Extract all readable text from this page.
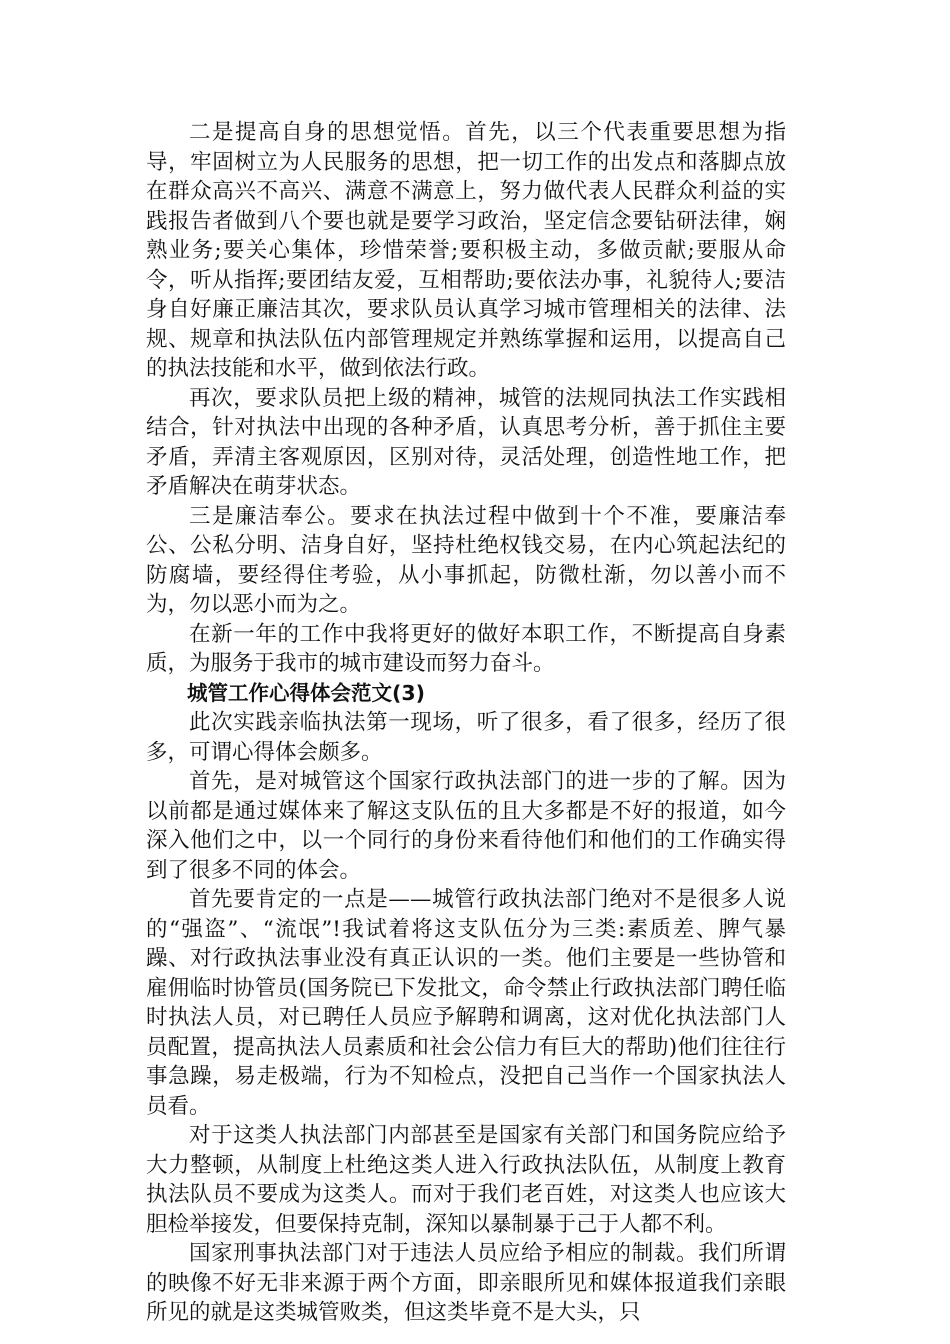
二是提高自身的思想觉悟。首先，以三个代表重要思想为指导，牢固树立为人民服务的思想，把一切工作的出发点和落脚点放在群众高兴不高兴、满意不满意上，努力做代表人民群众利益的实践报告者做到八个要也就是要学习政治，坚定信念要钻研法律，娴熟业务;要关心集体，珍惜荣誉;要积极主动，多做贡献;要服从命令，听从指挥;要团结友爱，互相帮助;要依法办事，礼貌待人;要洁身自好廉正廉洁其次，要求队员认真学习城市管理相关的法律、法规、规章和执法队伍内部管理规定并熟练掌握和运用，以提高自己的执法技能和水平，做到依法行政。

再次，要求队员把上级的精神，城管的法规同执法工作实践相结合，针对执法中出现的各种矛盾，认真思考分析，善于抓住主要矛盾，弄清主客观原因，区别对待，灵活处理，创造性地工作，把矛盾解决在萌芽状态。

三是廉洁奉公。要求在执法过程中做到十个不准，要廉洁奉公、公私分明、洁身自好，坚持杜绝权钱交易，在内心筑起法纪的防腐墙，要经得住考验，从小事抓起，防微杜渐，勿以善小而不为，勿以恶小而为之。

在新一年的工作中我将更好的做好本职工作，不断提高自身素质，为服务于我市的城市建设而努力奋斗。

城管工作心得体会范文(3)

此次实践亲临执法第一现场，听了很多，看了很多，经历了很多，可谓心得体会颇多。

首先，是对城管这个国家行政执法部门的进一步的了解。因为以前都是通过媒体来了解这支队伍的且大多都是不好的报道，如今深入他们之中，以一个同行的身份来看待他们和他们的工作确实得到了很多不同的体会。

首先要肯定的一点是——城管行政执法部门绝对不是很多人说的“强盗”、“流氓”!我试着将这支队伍分为三类:素质差、脾气暴躁、对行政执法事业没有真正认识的一类。他们主要是一些协管和雇佣临时协管员(国务院已下发批文，命令禁止行政执法部门聘任临时执法人员，对已聘任人员应予解聘和调离，这对优化执法部门人员配置，提高执法人员素质和社会公信力有巨大的帮助)他们往往行事急躁，易走极端，行为不知检点，没把自己当作一个国家执法人员看。

对于这类人执法部门内部甚至是国家有关部门和国务院应给予大力整顿，从制度上杜绝这类人进入行政执法队伍，从制度上教育执法队员不要成为这类人。而对于我们老百姓，对这类人也应该大胆检举接发，但要保持克制，深知以暴制暴于己于人都不利。

国家刑事执法部门对于违法人员应给予相应的制裁。我们所谓的映像不好无非来源于两个方面，即亲眼所见和媒体报道我们亲眼所见的就是这类城管败类，但这类毕竟不是大头，只
